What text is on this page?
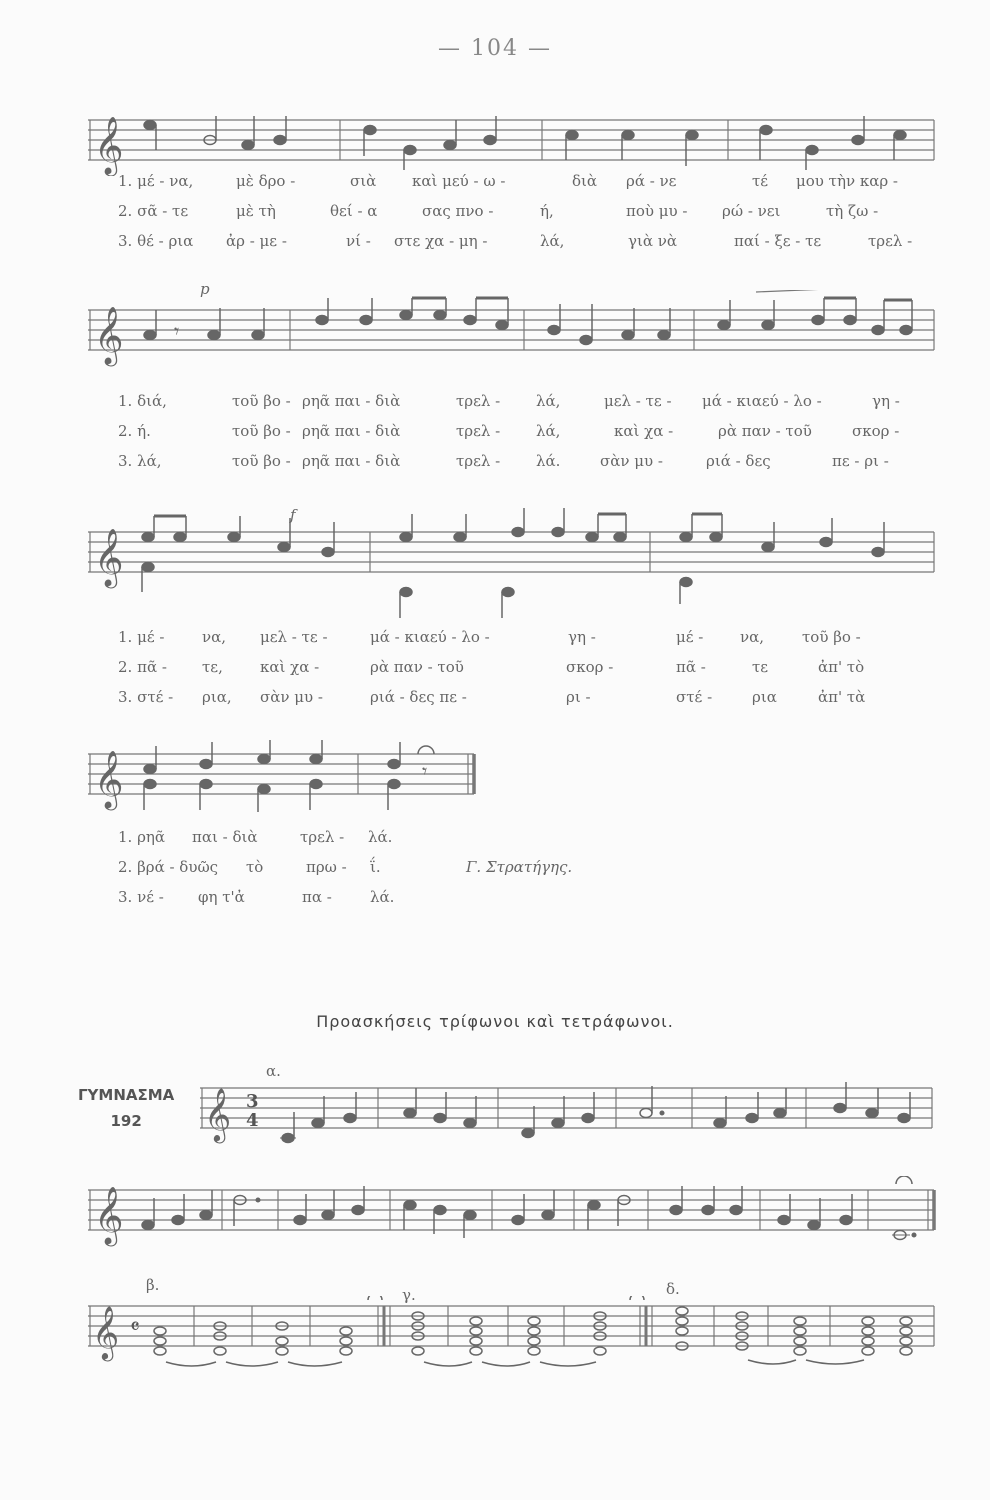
— 104 —
𝄞
1. μέ - να,	μὲ δρο -	σιὰ καὶ μεύ - ω -	διὰ ρά - νε	τέ μου τὴν καρ -
2. σᾶ - τε	μὲ τὴ	θεί - α	σας πνο -	ή,	ποὺ μυ - ρώ - νει	τὴ ζω -
3. θέ - ρια ἀρ - με -	νί - στε χα - μη -	λά,	γιὰ νὰ	παί - ξε - τε	τρελ -
p
𝄞	𝄾
1. διά,	τοῦ βο - ρηᾶ παι - διὰ	τρελ - λά,	μελ - τε - μά - κιαεύ - λο -	γη -
2. ή.	τοῦ βο - ρηᾶ παι - διὰ	τρελ - λά,	καὶ χα -	ρὰ παν - τοῦ	σκορ -
3. λά,	τοῦ βο - ρηᾶ παι - διὰ	τρελ - λά.	σὰν μυ -	ριά - δες	πε - ρι -
f
𝄞
1. μέ -	να, μελ - τε -	μά - κιαεύ - λο -	γη -	μέ - να,	τοῦ βο -
2. πᾶ - τε, καὶ χα -	ρὰ παν - τοῦ	σκορ -	πᾶ -	τε	ἀπ' τὸ
3. στέ - ρια, σὰν μυ -	ριά - δες πε -	ρι -	στέ -	ρια	ἀπ' τὰ
𝄞	𝄾
1. ρηᾶ παι - διὰ	τρελ - λά.
2. βρά - δυῶς τὸ	πρω - ΐ.
3. νέ - φη τ'ἀ	πα -	λά.
Γ. Στρατήγης.
Προασκήσεις τρίφωνοι καὶ τετράφωνοι.
ΓΥΜΝΑΣΜΑ
192
α.
𝄞 3
4
𝄞
β.
γ.	δ.
𝄞 𝄴
